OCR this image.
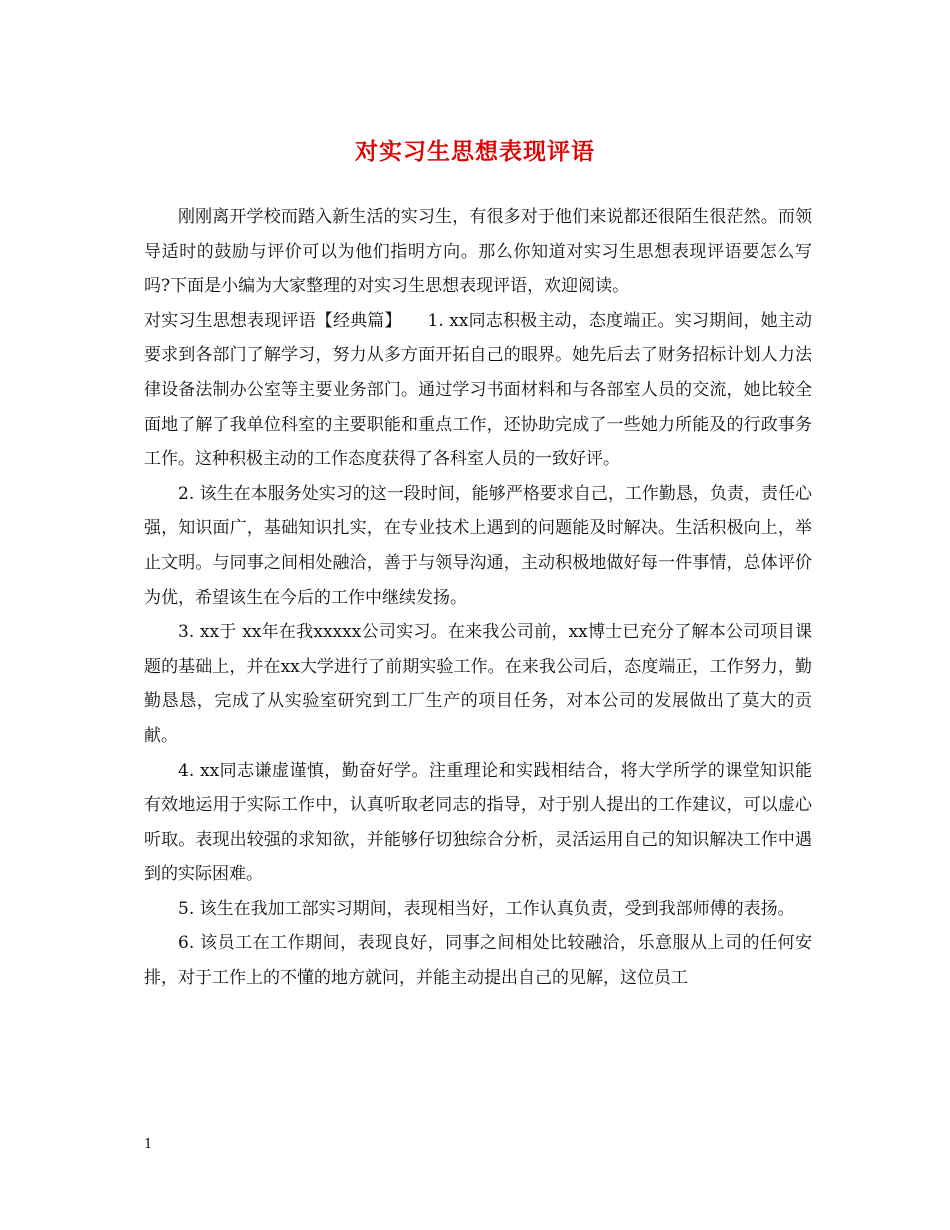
对实习生思想表现评语

刚刚离开学校而踏入新生活的实习生，有很多对于他们来说都还很陌生很茫然。而领导适时的鼓励与评价可以为他们指明方向。那么你知道对实习生思想表现评语要怎么写吗?下面是小编为大家整理的对实习生思想表现评语，欢迎阅读。

对实习生思想表现评语【经典篇】　　1. xx同志积极主动，态度端正。实习期间，她主动要求到各部门了解学习，努力从多方面开拓自己的眼界。她先后去了财务招标计划人力法律设备法制办公室等主要业务部门。通过学习书面材料和与各部室人员的交流，她比较全面地了解了我单位科室的主要职能和重点工作，还协助完成了一些她力所能及的行政事务工作。这种积极主动的工作态度获得了各科室人员的一致好评。

2. 该生在本服务处实习的这一段时间，能够严格要求自己，工作勤恳，负责，责任心强，知识面广，基础知识扎实，在专业技术上遇到的问题能及时解决。生活积极向上，举止文明。与同事之间相处融洽，善于与领导沟通，主动积极地做好每一件事情，总体评价为优，希望该生在今后的工作中继续发扬。

3. xx于 xx年在我xxxxx公司实习。在来我公司前，xx博士已充分了解本公司项目课题的基础上，并在xx大学进行了前期实验工作。在来我公司后，态度端正，工作努力，勤勤恳恳，完成了从实验室研究到工厂生产的项目任务，对本公司的发展做出了莫大的贡献。

4. xx同志谦虚谨慎，勤奋好学。注重理论和实践相结合，将大学所学的课堂知识能有效地运用于实际工作中，认真听取老同志的指导，对于别人提出的工作建议，可以虚心听取。表现出较强的求知欲，并能够仔切独综合分析，灵活运用自己的知识解决工作中遇到的实际困难。

5. 该生在我加工部实习期间，表现相当好，工作认真负责，受到我部师傅的表扬。

6. 该员工在工作期间，表现良好，同事之间相处比较融洽，乐意服从上司的任何安排，对于工作上的不懂的地方就问，并能主动提出自己的见解，这位员工

1
